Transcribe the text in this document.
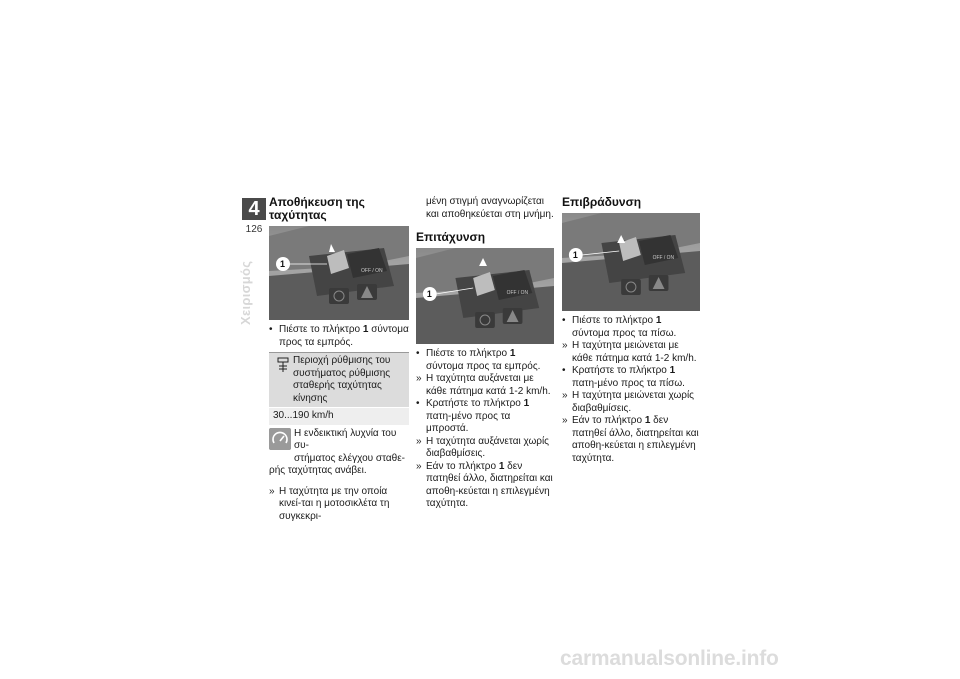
4
126
Χειρισμός
Αποθήκευση της ταχύτητας
OFF / ON
1
• Πιέστε το πλήκτρο 1 σύντομα προς τα εμπρός.
Περιοχή ρύθμισης του συστήματος ρύθμισης σταθερής ταχύτητας κίνησης
30...190 km/h
Η ενδεικτική λυχνία του συ-
στήματος ελέγχου σταθε-
ρής ταχύτητας ανάβει.
» Η ταχύτητα με την οποία κινεί-ται η μοτοσικλέτα τη συγκεκρι-
μένη στιγμή αναγνωρίζεται και αποθηκεύεται στη μνήμη.
Επιτάχυνση
OFF / ON
1
• Πιέστε το πλήκτρο 1 σύντομα προς τα εμπρός.
» Η ταχύτητα αυξάνεται με κάθε πάτημα κατά 1-2 km/h.
• Κρατήστε το πλήκτρο 1 πατη-μένο προς τα μπροστά.
» Η ταχύτητα αυξάνεται χωρίς διαβαθμίσεις.
» Εάν το πλήκτρο 1 δεν πατηθεί άλλο, διατηρείται και αποθη-κεύεται η επιλεγμένη ταχύτητα.
Επιβράδυνση
OFF / ON
1
• Πιέστε το πλήκτρο 1 σύντομα προς τα πίσω.
» Η ταχύτητα μειώνεται με κάθε πάτημα κατά 1-2 km/h.
• Κρατήστε το πλήκτρο 1 πατη-μένο προς τα πίσω.
» Η ταχύτητα μειώνεται χωρίς διαβαθμίσεις.
» Εάν το πλήκτρο 1 δεν πατηθεί άλλο, διατηρείται και αποθη-κεύεται η επιλεγμένη ταχύτητα.
carmanualsonline.info
